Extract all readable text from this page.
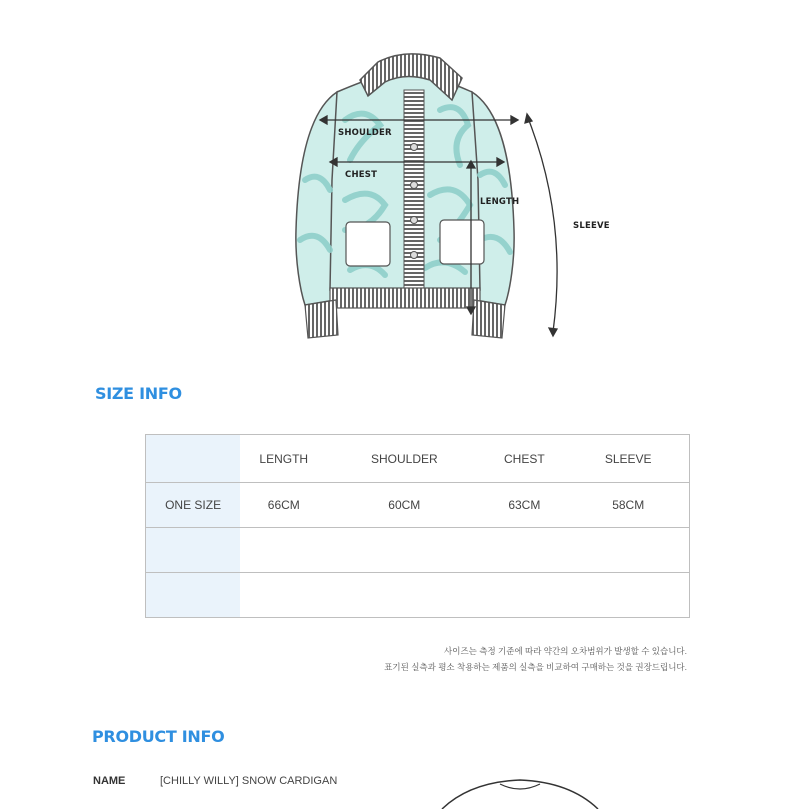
SHOULDER
CHEST
LENGTH
SLEEVE
SIZE INFO
	LENGTH	SHOULDER	CHEST	SLEEVE
ONE SIZE	66CM	60CM	63CM	58CM

사이즈는 측정 기준에 따라 약간의 오차범위가 발생할 수 있습니다.
표기된 실측과 평소 착용하는 제품의 실측을 비교하여 구매하는 것을 권장드립니다.
PRODUCT INFO
NAME	[CHILLY WILLY] SNOW CARDIGAN
